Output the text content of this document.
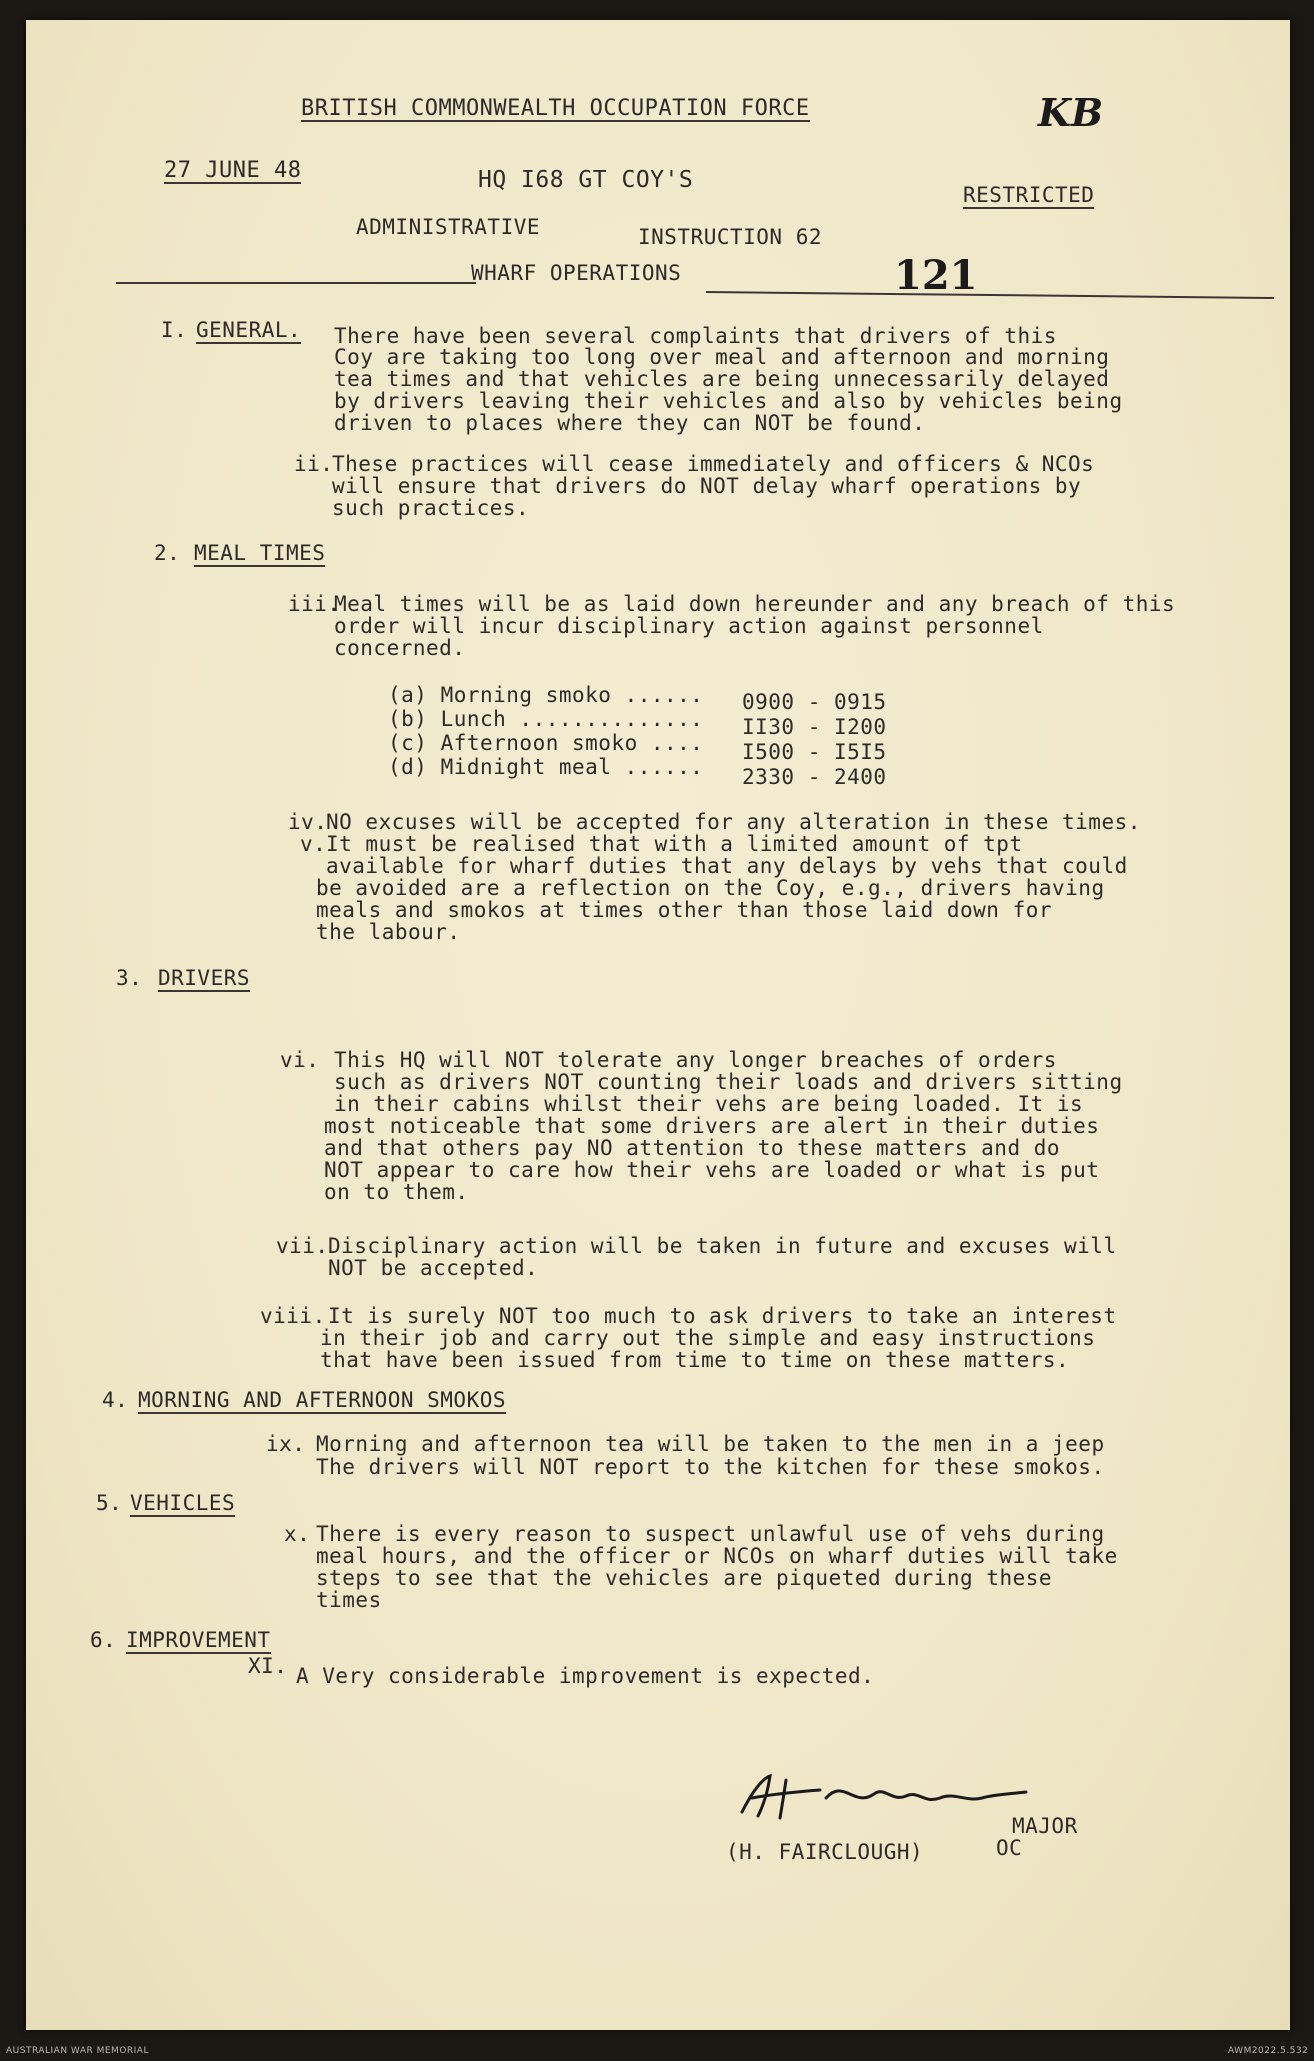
BRITISH COMMONWEALTH OCCUPATION FORCE	KB
27 JUNE 48	HQ I68 GT COY'S
RESTRICTED
ADMINISTRATIVE	INSTRUCTION 62
WHARF OPERATIONS	121
I. GENERAL. There have been several complaints that drivers of this
Coy are taking too long over meal and afternoon and morning
tea times and that vehicles are being unnecessarily delayed
by drivers leaving their vehicles and also by vehicles being
driven to places where they can NOT be found.
ii.
These practices will cease immediately and officers & NCOs
will ensure that drivers do NOT delay wharf operations by
such practices.
2. MEAL TIMES
iii.
Meal times will be as laid down hereunder and any breach of this
order will incur disciplinary action against personnel
concerned.
(a) Morning smoko ...... 0900 - 0915
(b) Lunch .............. II30 - I200
(c) Afternoon smoko .... I500 - I5I5
(d) Midnight meal ...... 2330 - 2400
iv.
NO excuses will be accepted for any alteration in these times.
v. It must be realised that with a limited amount of tpt
available for wharf duties that any delays by vehs that could
be avoided are a reflection on the Coy, e.g., drivers having
meals and smokos at times other than those laid down for
the labour.
3. DRIVERS
vi. This HQ will NOT tolerate any longer breaches of orders
such as drivers NOT counting their loads and drivers sitting
in their cabins whilst their vehs are being loaded. It is
most noticeable that some drivers are alert in their duties
and that others pay NO attention to these matters and do
NOT appear to care how their vehs are loaded or what is put
on to them.
vii. Disciplinary action will be taken in future and excuses will
NOT be accepted.
viii. It is surely NOT too much to ask drivers to take an interest
in their job and carry out the simple and easy instructions
that have been issued from time to time on these matters.
4. MORNING AND AFTERNOON SMOKOS
ix. Morning and afternoon tea will be taken to the men in a jeep
The drivers will NOT report to the kitchen for these smokos.
5. VEHICLES
x. There is every reason to suspect unlawful use of vehs during
meal hours, and the officer or NCOs on wharf duties will take
steps to see that the vehicles are piqueted during these
times
6. IMPROVEMENT
XI. A Very considerable improvement is expected.
(H. FAIRCLOUGH)
MAJOR
OC
AUSTRALIAN WAR MEMORIAL	AWM2022.5.532
